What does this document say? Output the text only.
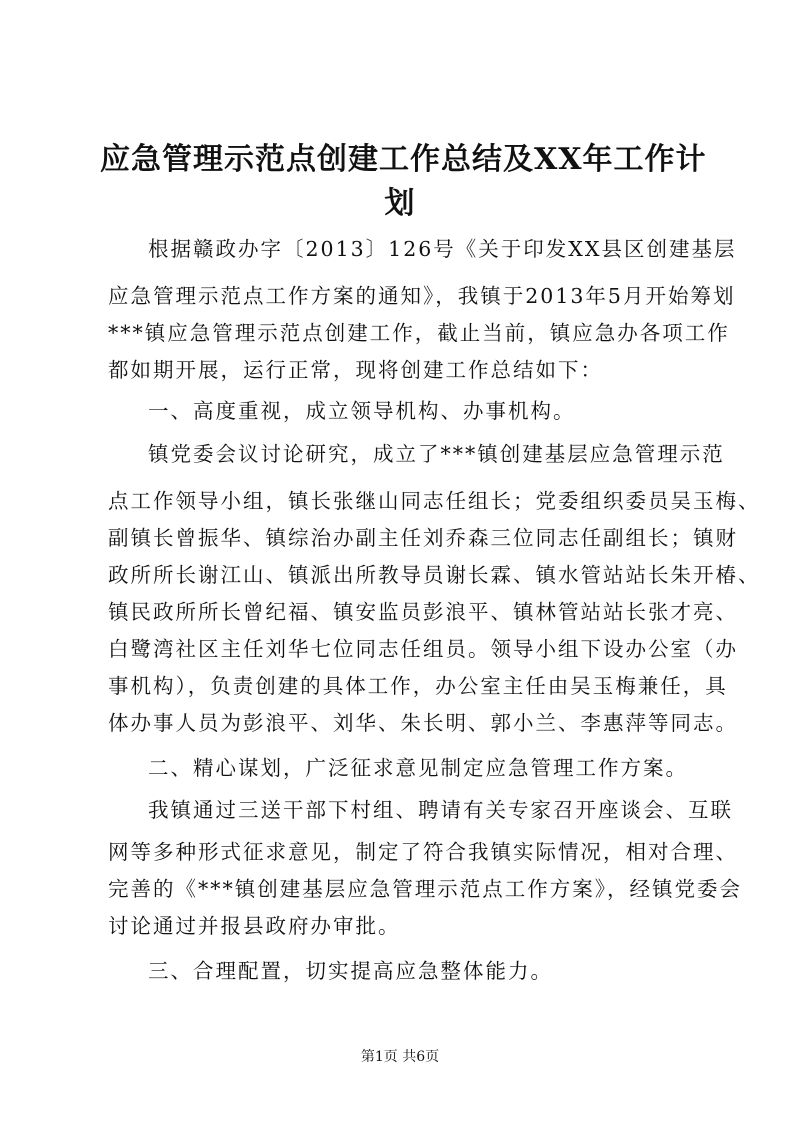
应急管理示范点创建工作总结及XX年工作计
划
根据赣政办字〔2013〕126号《关于印发XX县区创建基层
应急管理示范点工作方案的通知》，我镇于2013年5月开始筹划
***镇应急管理示范点创建工作，截止当前，镇应急办各项工作
都如期开展，运行正常，现将创建工作总结如下：
一、高度重视，成立领导机构、办事机构。
镇党委会议讨论研究，成立了***镇创建基层应急管理示范
点工作领导小组，镇长张继山同志任组长；党委组织委员吴玉梅、
副镇长曾振华、镇综治办副主任刘乔森三位同志任副组长；镇财
政所所长谢江山、镇派出所教导员谢长霖、镇水管站站长朱开椿、
镇民政所所长曾纪福、镇安监员彭浪平、镇林管站站长张才亮、
白鹭湾社区主任刘华七位同志任组员。领导小组下设办公室（办
事机构），负责创建的具体工作，办公室主任由吴玉梅兼任，具
体办事人员为彭浪平、刘华、朱长明、郭小兰、李惠萍等同志。
二、精心谋划，广泛征求意见制定应急管理工作方案。
我镇通过三送干部下村组、聘请有关专家召开座谈会、互联
网等多种形式征求意见，制定了符合我镇实际情况，相对合理、
完善的《***镇创建基层应急管理示范点工作方案》，经镇党委会
讨论通过并报县政府办审批。
三、合理配置，切实提高应急整体能力。
第1页 共6页
